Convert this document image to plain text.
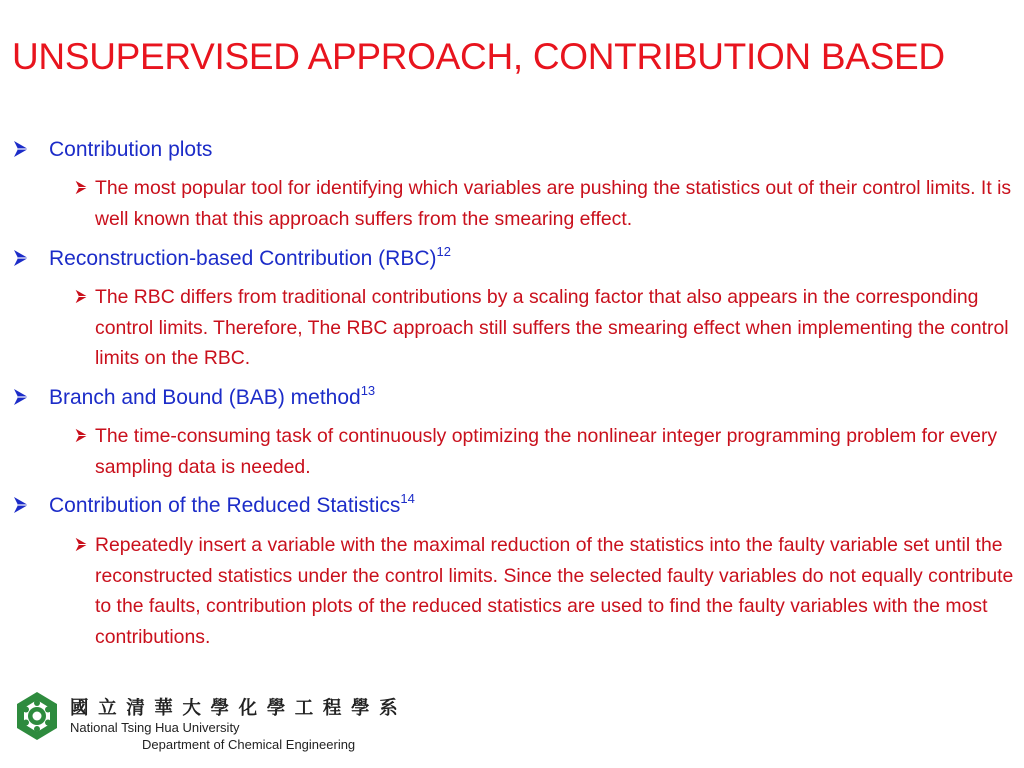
UNSUPERVISED APPROACH, CONTRIBUTION BASED
Contribution plots
The most popular tool for identifying which variables are pushing the statistics out of their control limits. It is well known that this approach suffers from the smearing effect.
Reconstruction-based Contribution (RBC)$^{12}$
The RBC differs from traditional contributions by a scaling factor that also appears in the corresponding control limits. Therefore, The RBC approach still suffers the smearing effect when implementing the control limits on the RBC.
Branch and Bound (BAB) method$^{13}$
The time-consuming task of continuously optimizing the nonlinear integer programming problem for every sampling data is needed.
Contribution of the Reduced Statistics$^{14}$
Repeatedly insert a variable with the maximal reduction of the statistics into the faulty variable set until the reconstructed statistics under the control limits. Since the selected faulty variables do not equally contribute to the faults, contribution plots of the reduced statistics are used to find the faulty variables with the most contributions.
國立清華大學化學工程學系
National Tsing Hua University
Department of Chemical Engineering
